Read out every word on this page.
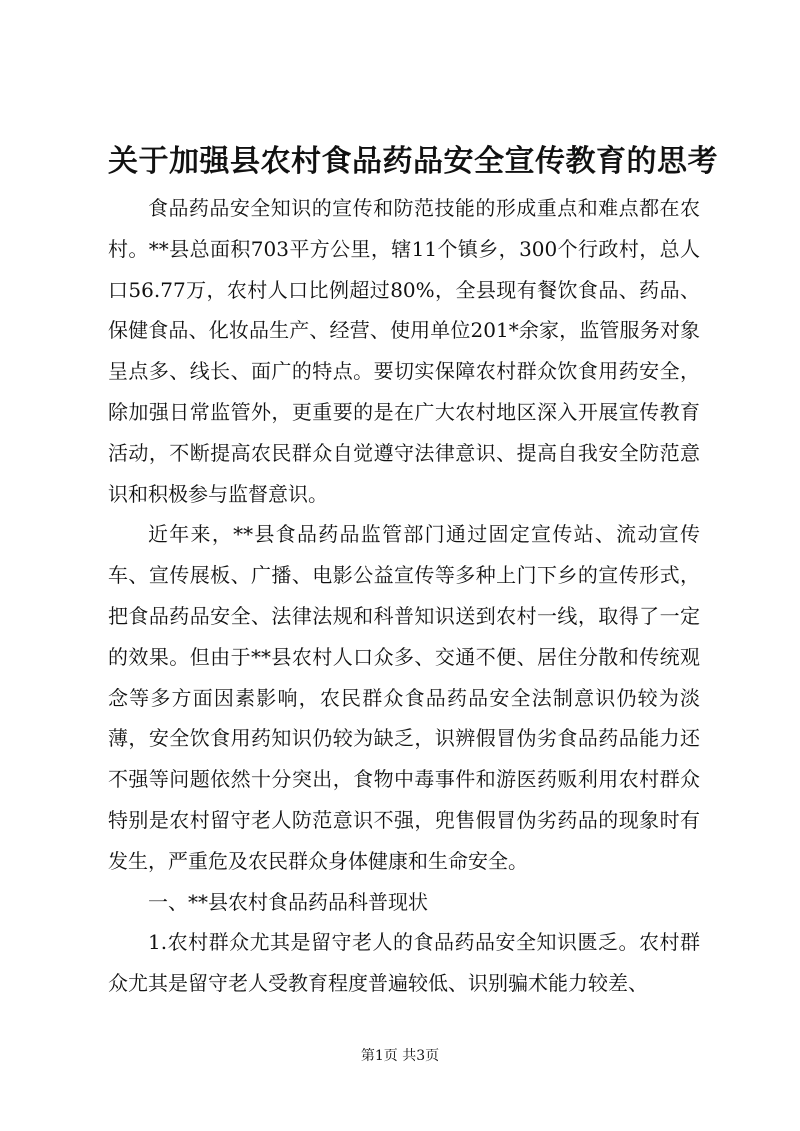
关于加强县农村食品药品安全宣传教育的思考

食品药品安全知识的宣传和防范技能的形成重点和难点都在农村。**县总面积703平方公里，辖11个镇乡，300个行政村，总人口56.77万，农村人口比例超过80%，全县现有餐饮食品、药品、保健食品、化妆品生产、经营、使用单位201*余家，监管服务对象呈点多、线长、面广的特点。要切实保障农村群众饮食用药安全，除加强日常监管外，更重要的是在广大农村地区深入开展宣传教育活动，不断提高农民群众自觉遵守法律意识、提高自我安全防范意识和积极参与监督意识。

近年来，**县食品药品监管部门通过固定宣传站、流动宣传车、宣传展板、广播、电影公益宣传等多种上门下乡的宣传形式，把食品药品安全、法律法规和科普知识送到农村一线，取得了一定的效果。但由于**县农村人口众多、交通不便、居住分散和传统观念等多方面因素影响，农民群众食品药品安全法制意识仍较为淡薄，安全饮食用药知识仍较为缺乏，识辨假冒伪劣食品药品能力还不强等问题依然十分突出，食物中毒事件和游医药贩利用农村群众特别是农村留守老人防范意识不强，兜售假冒伪劣药品的现象时有发生，严重危及农民群众身体健康和生命安全。

一、**县农村食品药品科普现状

1.农村群众尤其是留守老人的食品药品安全知识匮乏。农村群众尤其是留守老人受教育程度普遍较低、识别骗术能力较差、

第1页 共3页
